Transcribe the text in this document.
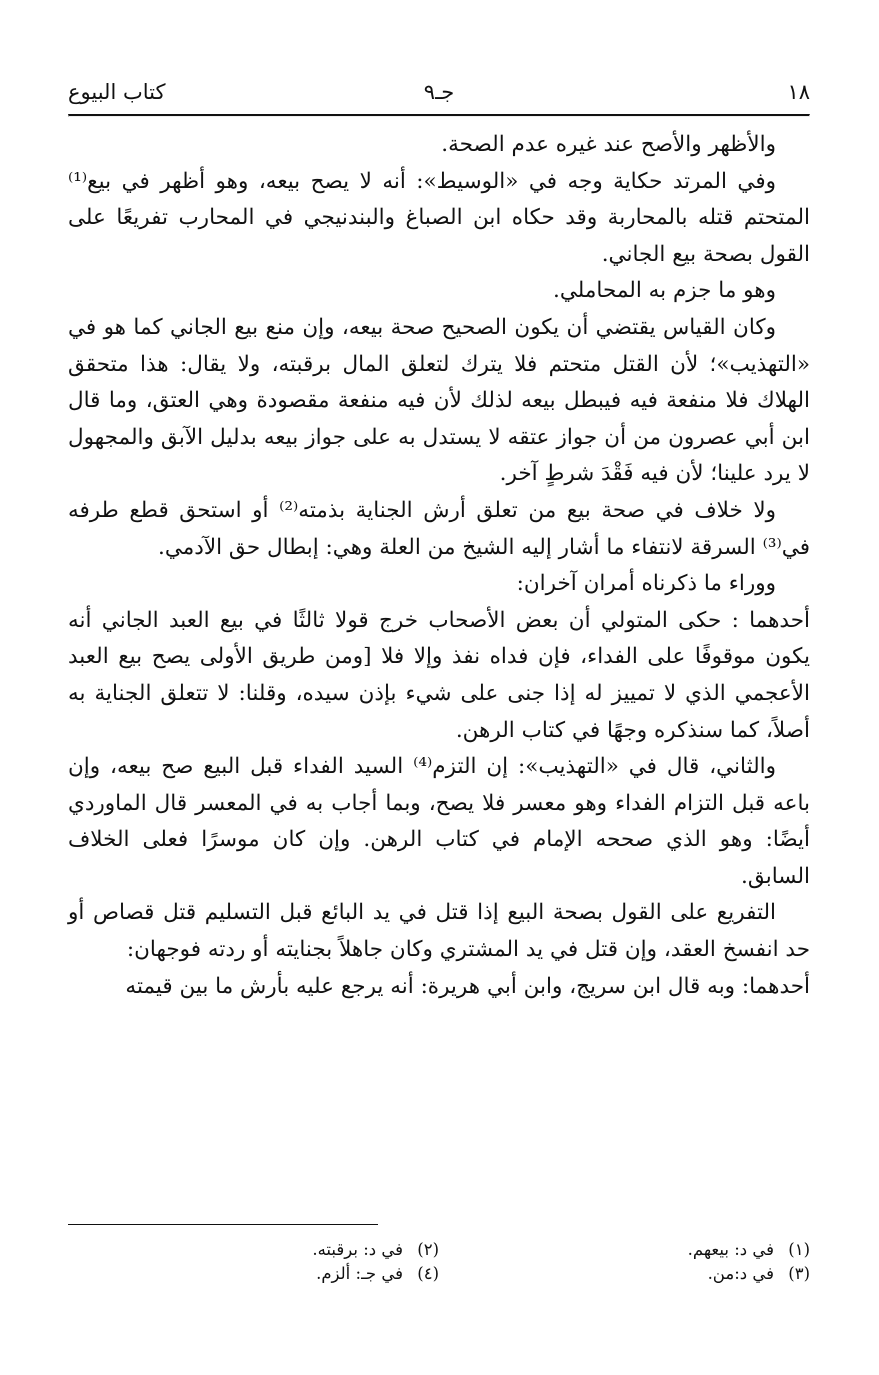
١٨
جـ٩
كتاب البيوع

والأظهر والأصح عند غيره عدم الصحة.

وفي المرتد حكاية وجه في «الوسيط»: أنه لا يصح بيعه، وهو أظهر في بيع⁽¹⁾ المتحتم قتله بالمحاربة وقد حكاه ابن الصباغ والبندنيجي في المحارب تفريعًا على القول بصحة بيع الجاني.

وهو ما جزم به المحاملي.

وكان القياس يقتضي أن يكون الصحيح صحة بيعه، وإن منع بيع الجاني كما هو في «التهذيب»؛ لأن القتل متحتم فلا يترك لتعلق المال برقبته، ولا يقال: هذا متحقق الهلاك فلا منفعة فيه فيبطل بيعه لذلك لأن فيه منفعة مقصودة وهي العتق، وما قال ابن أبي عصرون من أن جواز عتقه لا يستدل به على جواز بيعه بدليل الآبق والمجهول لا يرد علينا؛ لأن فيه فَقْدَ شرطٍ آخر.

ولا خلاف في صحة بيع من تعلق أرش الجناية بذمته⁽²⁾ أو استحق قطع طرفه في⁽³⁾ السرقة لانتفاء ما أشار إليه الشيخ من العلة وهي: إبطال حق الآدمي.

ووراء ما ذكرناه أمران آخران:

أحدهما : حكى المتولي أن بعض الأصحاب خرج قولا ثالثًا في بيع العبد الجاني أنه يكون موقوفًا على الفداء، فإن فداه نفذ وإلا فلا [ومن طريق الأولى يصح بيع العبد الأعجمي الذي لا تمييز له إذا جنى على شيء بإذن سيده، وقلنا: لا تتعلق الجناية به أصلاً، كما سنذكره وجهًا في كتاب الرهن.

والثاني، قال في «التهذيب»: إن التزم⁽⁴⁾ السيد الفداء قبل البيع صح بيعه، وإن باعه قبل التزام الفداء وهو معسر فلا يصح، وبما أجاب به في المعسر قال الماوردي أيضًا: وهو الذي صححه الإمام في كتاب الرهن. وإن كان موسرًا فعلى الخلاف السابق.

التفريع على القول بصحة البيع إذا قتل في يد البائع قبل التسليم قتل قصاص أو حد انفسخ العقد، وإن قتل في يد المشتري وكان جاهلاً بجنايته أو ردته فوجهان:

أحدهما: وبه قال ابن سريج، وابن أبي هريرة: أنه يرجع عليه بأرش ما بين قيمته

(١)في د: بيعهم.
(٢)في د: برقبته.
(٣)في د:من.
(٤)في جـ: ألزم.
